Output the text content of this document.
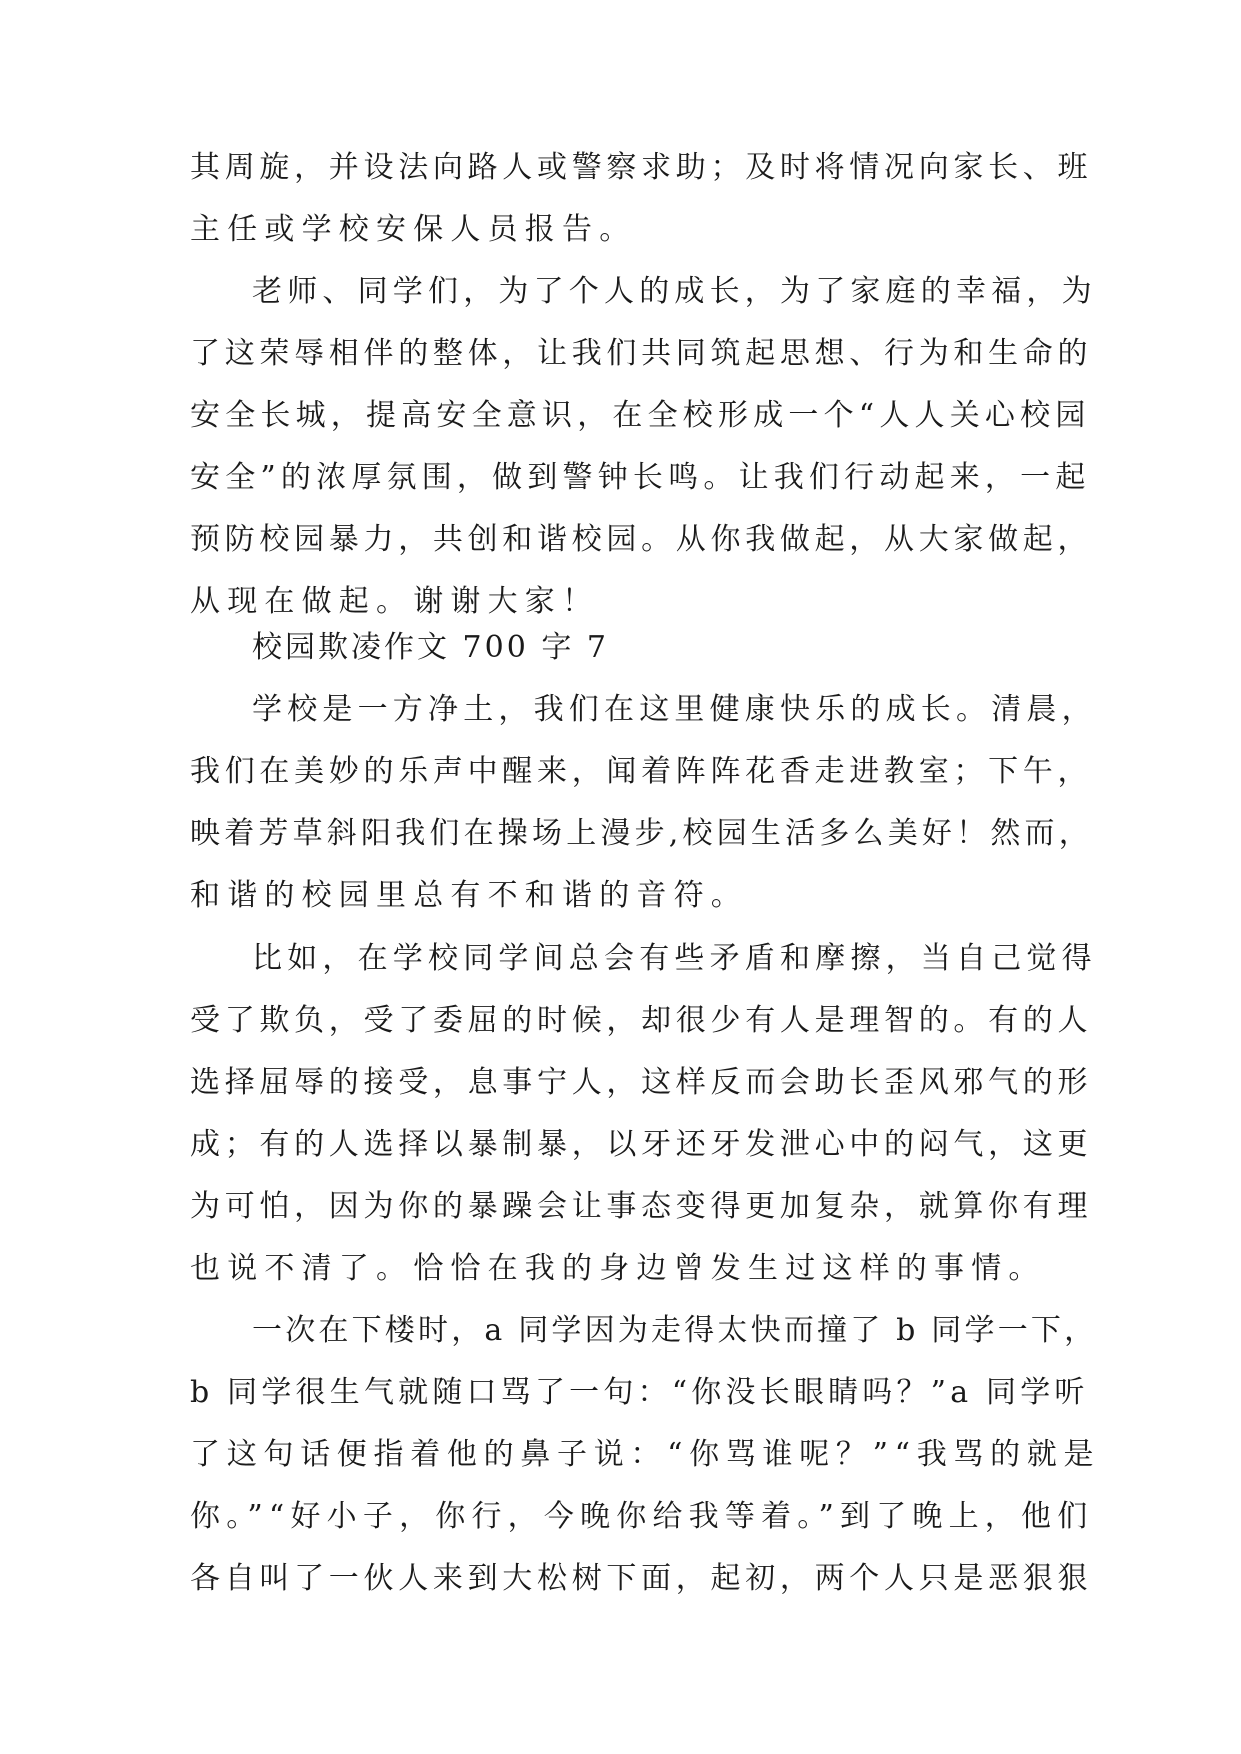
其周旋，并设法向路人或警察求助；及时将情况向家长、班
主任或学校安保人员报告。
老师、同学们，为了个人的成长，为了家庭的幸福，为
了这荣辱相伴的整体，让我们共同筑起思想、行为和生命的
安全长城，提高安全意识，在全校形成一个“人人关心校园
安全”的浓厚氛围，做到警钟长鸣。让我们行动起来，一起
预防校园暴力，共创和谐校园。从你我做起，从大家做起，
从现在做起。谢谢大家！
校园欺凌作文 700 字 7
学校是一方净土，我们在这里健康快乐的成长。清晨，
我们在美妙的乐声中醒来，闻着阵阵花香走进教室；下午，
映着芳草斜阳我们在操场上漫步,校园生活多么美好！然而，
和谐的校园里总有不和谐的音符。
比如，在学校同学间总会有些矛盾和摩擦，当自己觉得
受了欺负，受了委屈的时候，却很少有人是理智的。有的人
选择屈辱的接受，息事宁人，这样反而会助长歪风邪气的形
成；有的人选择以暴制暴，以牙还牙发泄心中的闷气，这更
为可怕，因为你的暴躁会让事态变得更加复杂，就算你有理
也说不清了。恰恰在我的身边曾发生过这样的事情。
一次在下楼时，a 同学因为走得太快而撞了 b 同学一下，
b 同学很生气就随口骂了一句：“你没长眼睛吗？”a 同学听
了这句话便指着他的鼻子说：“你骂谁呢？”“我骂的就是
你。”“好小子，你行，今晚你给我等着。”到了晚上，他们
各自叫了一伙人来到大松树下面，起初，两个人只是恶狠狠
